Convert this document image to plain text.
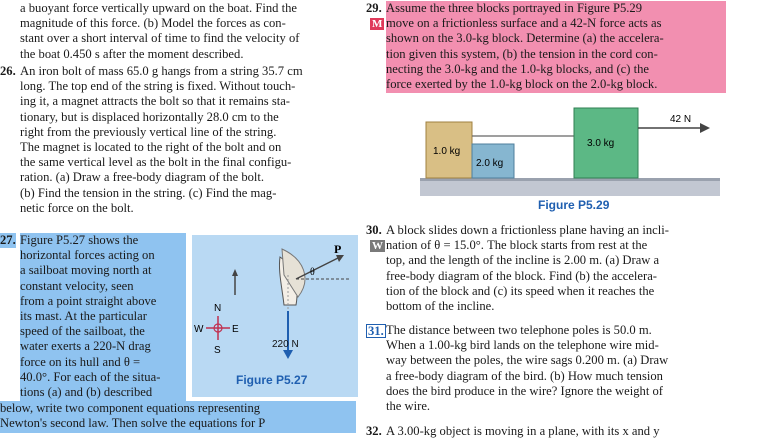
a buoyant force vertically upward on the boat. Find the

magnitude of this force. (b) Model the forces as con-

stant over a short interval of time to find the velocity of

the boat 0.450 s after the moment described.

26. An iron bolt of mass 65.0 g hangs from a string 35.7 cm

long. The top end of the string is fixed. Without touch-

ing it, a magnet attracts the bolt so that it remains sta-

tionary, but is displaced horizontally 28.0 cm to the

right from the previously vertical line of the string.

The magnet is located to the right of the bolt and on

the same vertical level as the bolt in the final configu-

ration. (a) Draw a free-body diagram of the bolt.

(b) Find the tension in the string. (c) Find the mag-

netic force on the bolt.

27. Figure P5.27 shows the

horizontal forces acting on

a sailboat moving north at

constant velocity, seen

from a point straight above

its mast. At the particular

speed of the sailboat, the

water exerts a 220-N drag

force on its hull and θ =

40.0°. For each of the situa-

tions (a) and (b) described

N
S
E
W
P
θ
220 N
Figure P5.27

below, write two component equations representing

Newton's second law. Then solve the equations for P

29.
M

Assume the three blocks portrayed in Figure P5.29

move on a frictionless surface and a 42-N force acts as

shown on the 3.0-kg block. Determine (a) the accelera-

tion given this system, (b) the tension in the cord con-

necting the 3.0-kg and the 1.0-kg blocks, and (c) the

force exerted by the 1.0-kg block on the 2.0-kg block.

1.0 kg
2.0 kg
3.0 kg
42 N
Figure P5.29
30.
W

A block slides down a frictionless plane having an incli-

nation of θ = 15.0°. The block starts from rest at the

top, and the length of the incline is 2.00 m. (a) Draw a

free-body diagram of the block. Find (b) the accelera-

tion of the block and (c) its speed when it reaches the

bottom of the incline.

31. The distance between two telephone poles is 50.0 m.

When a 1.00-kg bird lands on the telephone wire mid-

way between the poles, the wire sags 0.200 m. (a) Draw

a free-body diagram of the bird. (b) How much tension

does the bird produce in the wire? Ignore the weight of

the wire.

32. A 3.00-kg object is moving in a plane, with its x and y
